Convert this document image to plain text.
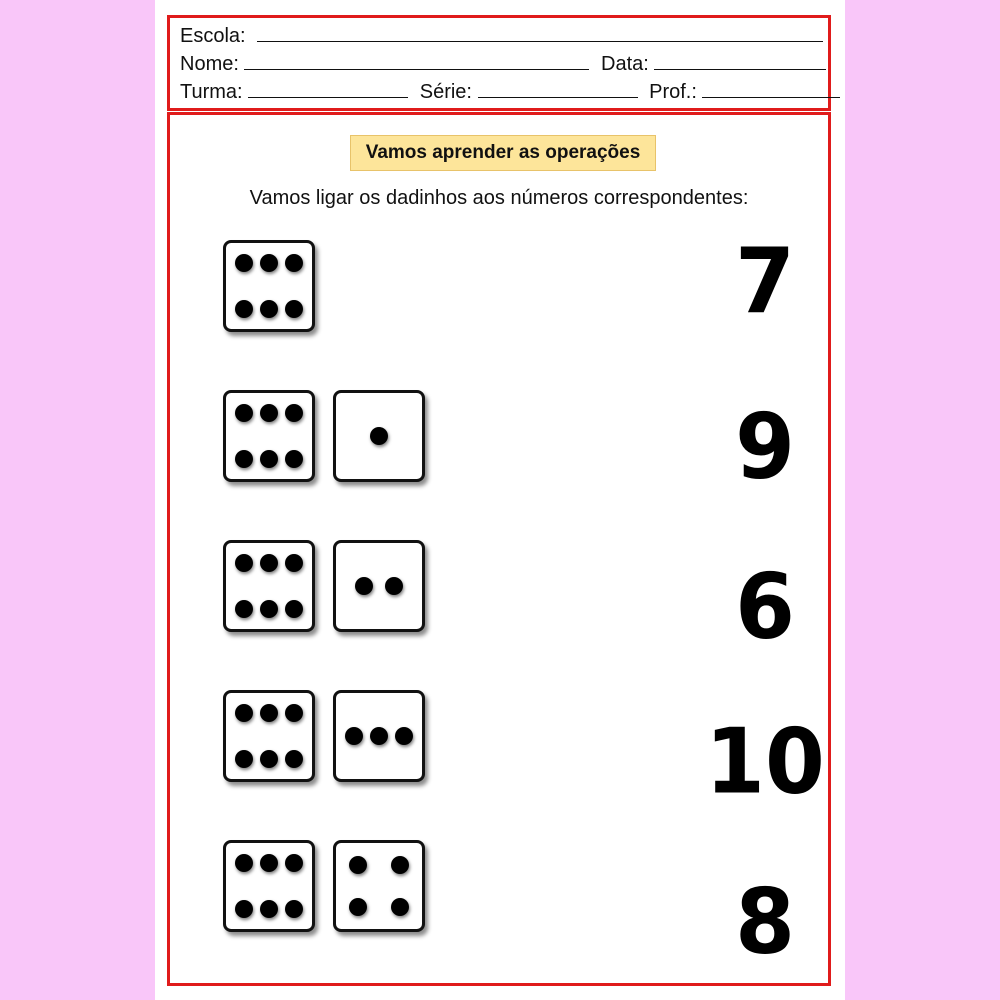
Escola:
Nome:	Data:
Turma:	Série:	Prof.:
Vamos aprender as operações
Vamos ligar os dadinhos aos números correspondentes:
7
9
6
10
8
